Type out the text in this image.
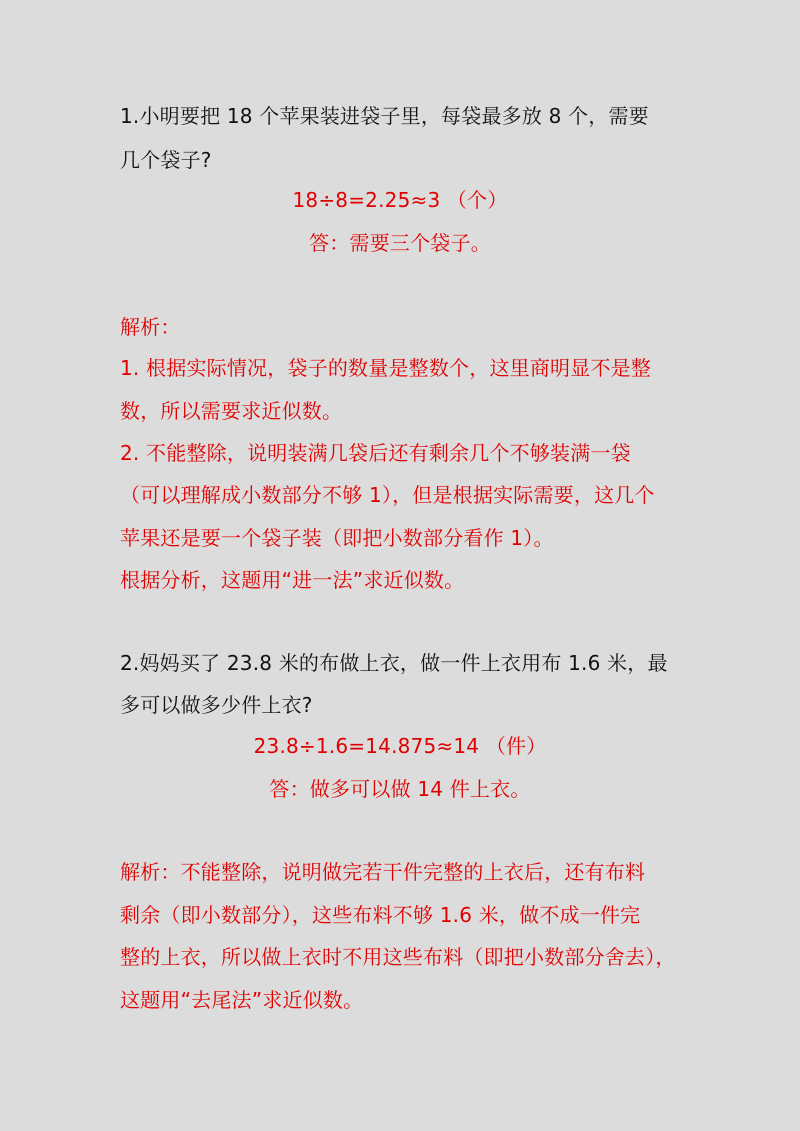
1.小明要把 18 个苹果装进袋子里，每袋最多放 8 个，需要
几个袋子?
18÷8=2.25≈3 （个）
答：需要三个袋子。
解析：
1. 根据实际情况，袋子的数量是整数个，这里商明显不是整
数，所以需要求近似数。
2. 不能整除，说明装满几袋后还有剩余几个不够装满一袋
（可以理解成小数部分不够 1），但是根据实际需要，这几个
苹果还是要一个袋子装（即把小数部分看作 1）。
根据分析，这题用“进一法”求近似数。
2.妈妈买了 23.8 米的布做上衣，做一件上衣用布 1.6 米，最
多可以做多少件上衣?
23.8÷1.6=14.875≈14 （件）
答：做多可以做 14 件上衣。
解析：不能整除，说明做完若干件完整的上衣后，还有布料
剩余（即小数部分），这些布料不够 1.6 米，做不成一件完
整的上衣，所以做上衣时不用这些布料（即把小数部分舍去），
这题用“去尾法”求近似数。
